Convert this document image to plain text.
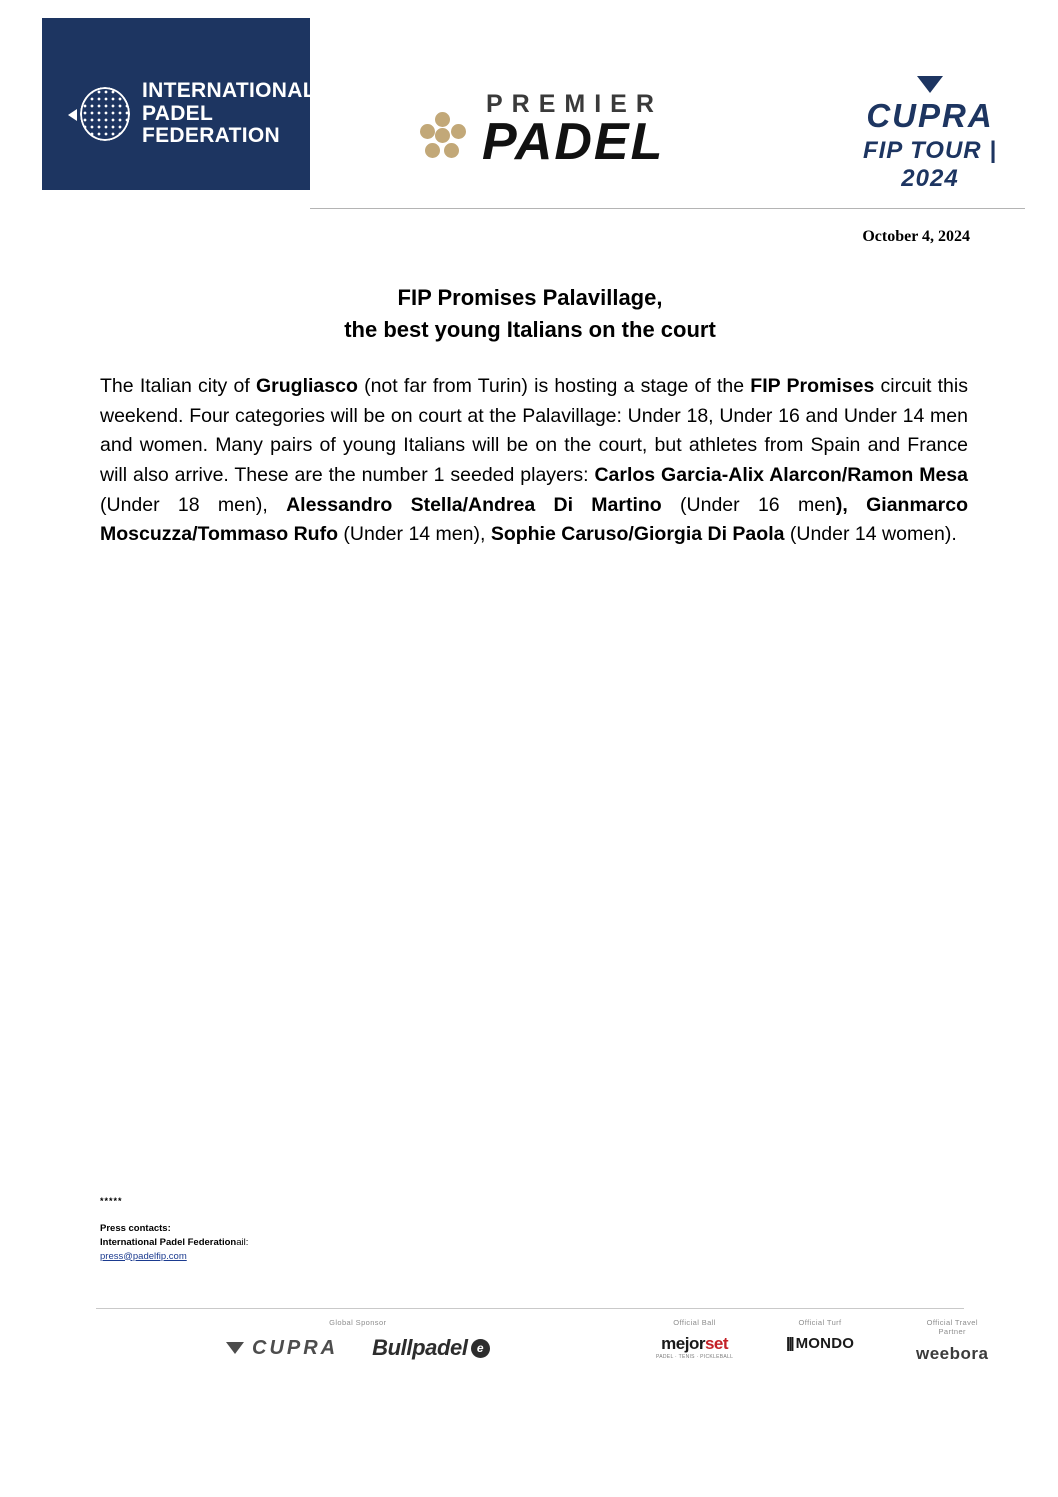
INTERNATIONAL
PADEL
FEDERATION
PREMIER
PADEL	CUPRA
FIP TOUR | 2024
October 4, 2024
FIP Promises Palavillage,
the best young Italians on the court
The Italian city of Grugliasco (not far from Turin) is hosting a stage of the FIP Promises circuit this weekend. Four categories will be on court at the Palavillage: Under 18, Under 16 and Under 14 men and women. Many pairs of young Italians will be on the court, but athletes from Spain and France will also arrive. These are the number 1 seeded players: Carlos Garcia-Alix Alarcon/Ramon Mesa (Under 18 men), Alessandro Stella/Andrea Di Martino (Under 16 men), Gianmarco Moscuzza/Tommaso Rufo (Under 14 men), Sophie Caruso/Giorgia Di Paola (Under 14 women).
*****
Press contacts:
International Padel Federationail:
press@padelfip.com
Global Sponsor
CUPRA Bullpadel e
Official Ball
mejorset
PADEL · TENIS · PICKLEBALL
Official Turf
||| MONDO
Official Travel Partner
weebora
